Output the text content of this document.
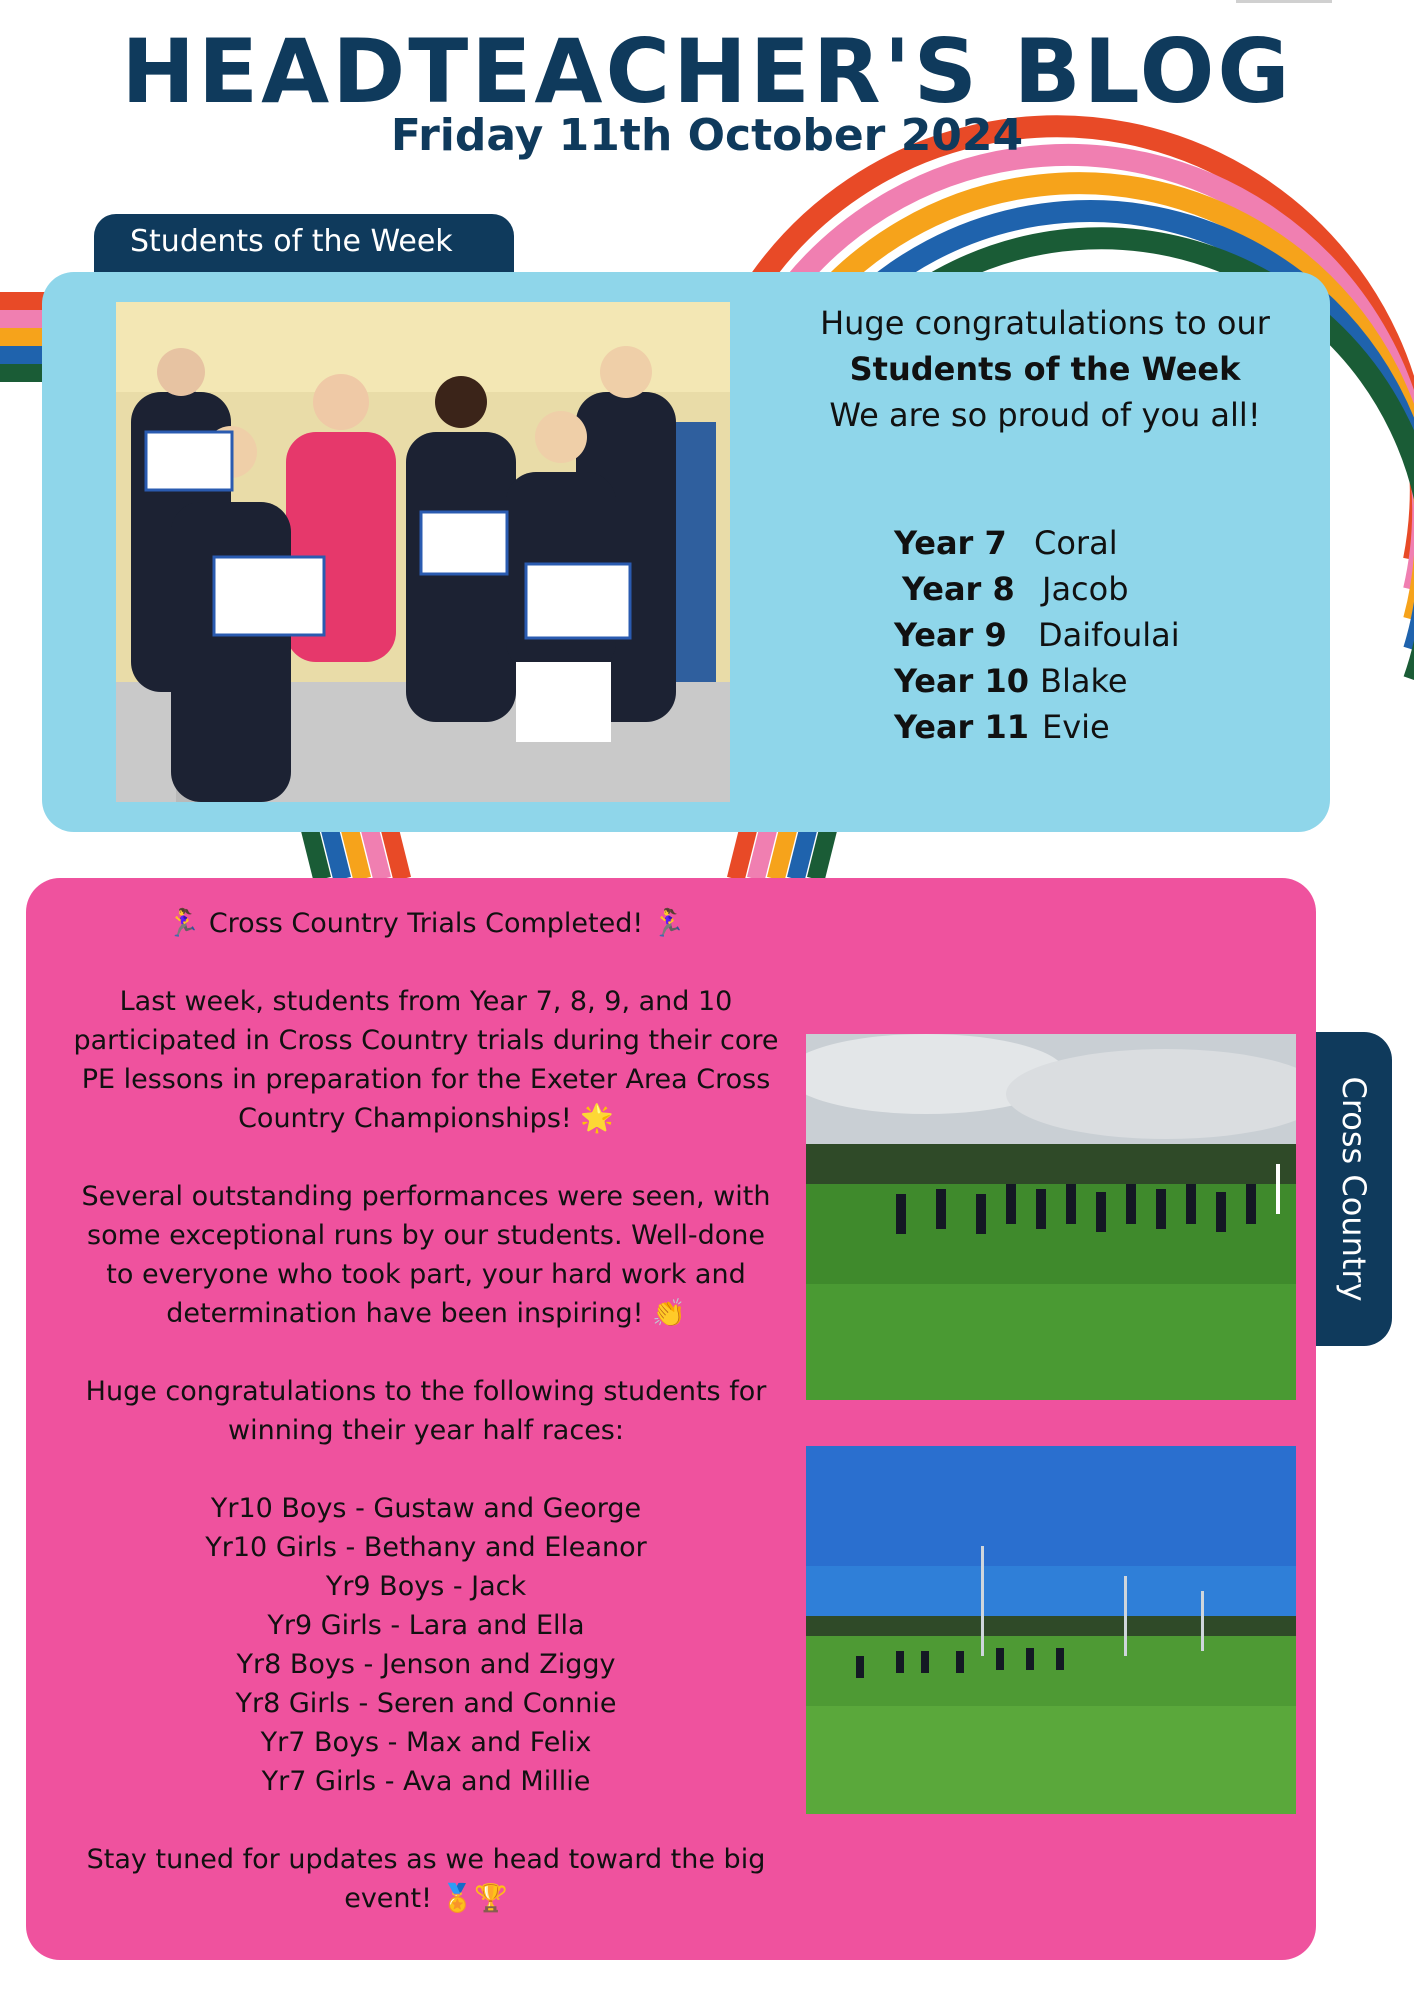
HEADTEACHER'S BLOG
Friday 11th October 2024
Students of the Week
Huge congratulations to our
Students of the Week
We are so proud of you all!
Year 7 Coral
Year 8 Jacob
Year 9 Daifoulai
Year 10 Blake
Year 11 Evie

🏃‍♀️ Cross Country Trials Completed! 🏃‍♀️

Last week, students from Year 7, 8, 9, and 10 participated in Cross Country trials during their core PE lessons in preparation for the Exeter Area Cross Country Championships! 🌟

Several outstanding performances were seen, with some exceptional runs by our students. Well-done to everyone who took part, your hard work and determination have been inspiring! 👏

Huge congratulations to the following students for winning their year half races:

Yr10 Boys - Gustaw and George

Yr10 Girls - Bethany and Eleanor

Yr9 Boys - Jack

Yr9 Girls - Lara and Ella

Yr8 Boys - Jenson and Ziggy

Yr8 Girls - Seren and Connie

Yr7 Boys - Max and Felix

Yr7 Girls - Ava and Millie

Stay tuned for updates as we head toward the big event! 🏅🏆

Cross Country
